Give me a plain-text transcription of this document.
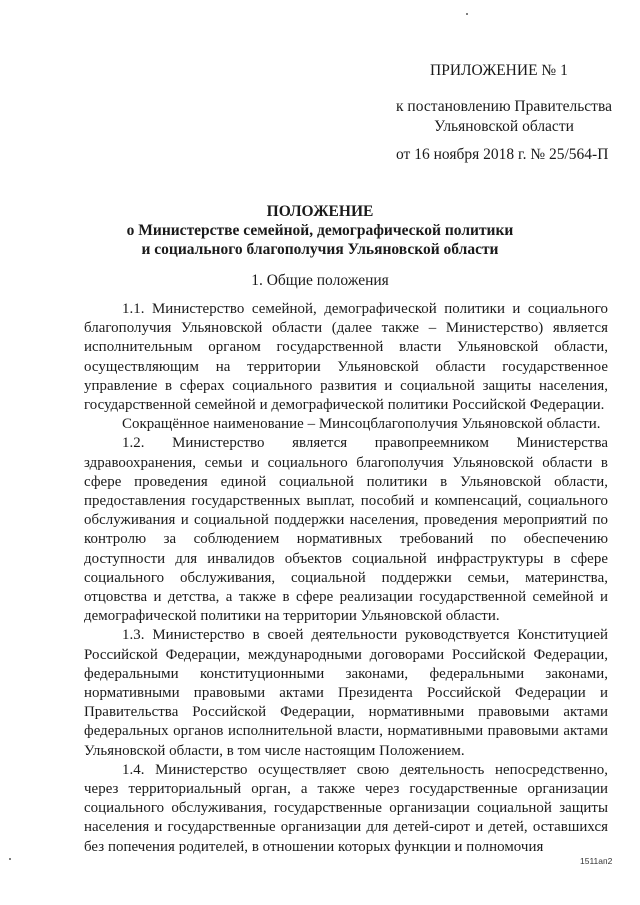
ПРИЛОЖЕНИЕ № 1
к постановлению Правительства Ульяновской области
от 16 ноября 2018 г. № 25/564-П
ПОЛОЖЕНИЕ
о Министерстве семейной, демографической политики
и социального благополучия Ульяновской области
1. Общие положения

1.1. Министерство семейной, демографической политики и социального благополучия Ульяновской области (далее также – Министерство) является исполнительным органом государственной власти Ульяновской области, осуществляющим на территории Ульяновской области государственное управление в сферах социального развития и социальной защиты населения, государственной семейной и демографической политики Российской Федерации.

Сокращённое наименование – Минсоцблагополучия Ульяновской области.

1.2. Министерство является правопреемником Министерства здравоохранения, семьи и социального благополучия Ульяновской области в сфере проведения единой социальной политики в Ульяновской области, предоставления государственных выплат, пособий и компенсаций, социального обслуживания и социальной поддержки населения, проведения мероприятий по контролю за соблюдением нормативных требований по обеспечению доступности для инвалидов объектов социальной инфраструктуры в сфере социального обслуживания, социальной поддержки семьи, материнства, отцовства и детства, а также в сфере реализации государственной семейной и демографической политики на территории Ульяновской области.

1.3. Министерство в своей деятельности руководствуется Конституцией Российской Федерации, международными договорами Российской Федерации, федеральными конституционными законами, федеральными законами, нормативными правовыми актами Президента Российской Федерации и Правительства Российской Федерации, нормативными правовыми актами федеральных органов исполнительной власти, нормативными правовыми актами Ульяновской области, в том числе настоящим Положением.

1.4. Министерство осуществляет свою деятельность непосредственно, через территориальный орган, а также через государственные организации социального обслуживания, государственные организации социальной защиты населения и государственные организации для детей-сирот и детей, оставшихся без попечения родителей, в отношении которых функции и полномочия

1511ап2
